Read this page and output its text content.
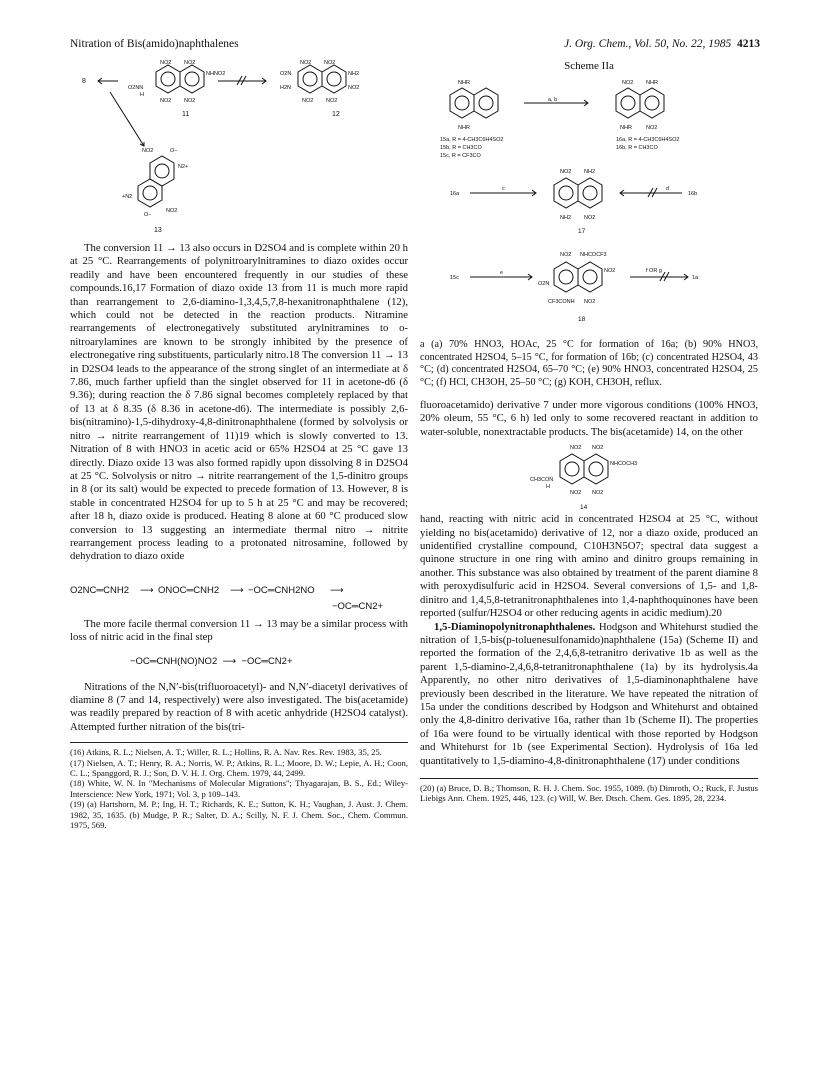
Nitration of Bis(amido)naphthalenes	J. Org. Chem., Vol. 50, No. 22, 1985 4213
8
NO2 NO2
NHNO2
O2NN
H
NO2 NO2
11
NO2 NO2
O2N	NH2
H2N	NO2
NO2 NO2
12
NO2	O−
N2+
+N2
O−
NO2
13

The conversion 11 → 13 also occurs in D2SO4 and is complete within 20 h at 25 °C. Rearrangements of polynitroarylnitramines to diazo oxides occur readily and have been encountered frequently in our studies of these compounds.16,17 Formation of diazo oxide 13 from 11 is much more rapid than rearrangement to 2,6-diamino-1,3,4,5,7,8-hexanitronaphthalene (12), which could not be detected in the reaction products. Nitramine rearrangements of electronegatively substituted arylnitramines to o-nitroarylamines are known to be strongly inhibited by the presence of electronegative ring substituents, particularly nitro.18 The conversion 11 → 13 in D2SO4 leads to the appearance of the strong singlet of an intermediate at δ 7.86, much farther upfield than the singlet observed for 11 in acetone-d6 (δ 9.36); during reaction the δ 7.86 signal becomes completely replaced by that of 13 at δ 8.35 (δ 8.36 in acetone-d6). The intermediate is possibly 2,6-bis(nitramino)-1,5-dihydroxy-4,8-dinitronaphthalene (formed by solvolysis or nitro → nitrite rearrangement of 11)19 which is slowly converted to 13. Nitration of 8 with HNO3 in acetic acid or 65% H2SO4 at 25 °C gave 13 directly. Diazo oxide 13 was also formed rapidly upon dissolving 8 in D2SO4 at 25 °C. Solvolysis or nitro → nitrite rearrangement of the 1,5-dinitro groups in 8 (or its salt) would be expected to precede formation of 13. However, 8 is stable in concentrated H2SO4 for up to 5 h at 25 °C and may be recovered; after 18 h, diazo oxide is produced. Heating 8 alone at 60 °C produced slow conversion to 13 suggesting an intermediate thermal nitro → nitrite rearrangement process leading to a protonated nitrosamine, followed by dehydration to diazo oxide

O2NC═CNH2 ⟶ ONOC═CNH2 ⟶ −OC═CNH2NO ⟶
−OC═CN2+

The more facile thermal conversion 11 → 13 may be a similar process with loss of nitric acid in the final step

−OC═CNH(NO)NO2  ⟶  −OC═CN2+

Nitrations of the N,N′-bis(trifluoroacetyl)- and N,N′-diacetyl derivatives of diamine 8 (7 and 14, respectively) were also investigated. The bis(acetamide) was readily prepared by reaction of 8 with acetic anhydride (H2SO4 catalyst). Attempted further nitration of the bis(tri-

(16) Atkins, R. L.; Nielsen, A. T.; Willer, R. L.; Hollins, R. A. Nav. Res. Rev. 1983, 35, 25.
(17) Nielsen, A. T.; Henry, R. A.; Norris, W. P.; Atkins, R. L.; Moore, D. W.; Lepie, A. H.; Coon, C. L.; Spanggord, R. J.; Son, D. V. H. J. Org. Chem. 1979, 44, 2499.
(18) White, W. N. In "Mechanisms of Molecular Migrations"; Thyagarajan, B. S., Ed.; Wiley-Interscience: New York, 1971; Vol. 3, p 109–143.
(19) (a) Hartshorn, M. P.; Ing, H. T.; Richards, K. E.; Sutton, K. H.; Vaughan, J. Aust. J. Chem. 1982, 35, 1635. (b) Mudge, P. R.; Salter, D. A.; Scilly, N. F. J. Chem. Soc., Chem. Commun. 1975, 569.
Scheme IIa
NHR
NHR
NO2 NHR
NHR	NO2
a, b
15a, R = 4-CH3C6H4SO2
15b, R = CH3CO
15c, R = CF3CO
16a, R = 4-CH3C6H4SO2
16b, R = CH3CO
NO2 NH2
NH2 NO2
16a
c	d
16b
17
NO2 NHCOCF3
NO2
O2N
CF3CONH NO2
15c
e	f OR g
1a
18
a (a) 70% HNO3, HOAc, 25 °C for formation of 16a; (b) 90% HNO3, concentrated H2SO4, 5–15 °C, for formation of 16b; (c) concentrated H2SO4, 43 °C; (d) concentrated H2SO4, 65–70 °C; (e) 90% HNO3, concentrated H2SO4, 25 °C; (f) HCl, CH3OH, 25–50 °C; (g) KOH, CH3OH, reflux.

fluoroacetamido) derivative 7 under more vigorous conditions (100% HNO3, 20% oleum, 55 °C, 6 h) led only to some recovered reactant in addition to water-soluble, nonextractable products. The bis(acetamide) 14, on the other

NO2 NO2
NHCOCH3
CH3CON
H
NO2 NO2
14

hand, reacting with nitric acid in concentrated H2SO4 at 25 °C, without yielding no bis(acetamido) derivative of 12, nor a diazo oxide, produced an unidentified crystalline compound, C10H3N5O7; spectral data suggest a quinone structure in one ring with amino and dinitro groups remaining in another. This substance was also obtained by treatment of the parent diamine 8 with peroxydisulfuric acid in H2SO4. Several conversions of 1,5- and 1,8-dinitro and 1,4,5,8-tetranitronaphthalenes into 1,4-naphthoquinones have been reported (sulfur/H2SO4 or other reducing agents in acidic medium).20

1,5-Diaminopolynitronaphthalenes. Hodgson and Whitehurst studied the nitration of 1,5-bis(p-toluenesulfonamido)naphthalene (15a) (Scheme II) and reported the formation of the 2,4,6,8-tetranitro derivative 1b as well as the parent 1,5-diamino-2,4,6,8-tetranitronaphthalene (1a) by its hydrolysis.4a Apparently, no other nitro derivatives of 1,5-diaminonaphthalene have previously been described in the literature. We have repeated the nitration of 15a under the conditions described by Hodgson and Whitehurst and obtained only the 4,8-dinitro derivative 16a, rather than 1b (Scheme II). The properties of 16a were found to be virtually identical with those reported by Hodgson and Whitehurst for 1b (see Experimental Section). Hydrolysis of 16a led quantitatively to 1,5-diamino-4,8-dinitronaphthalene (17) under conditions

(20) (a) Bruce, D. B.; Thomson, R. H. J. Chem. Soc. 1955, 1089. (b) Dimroth, O.; Ruck, F. Justus Liebigs Ann. Chem. 1925, 446, 123. (c) Will, W. Ber. Dtsch. Chem. Ges. 1895, 28, 2234.
